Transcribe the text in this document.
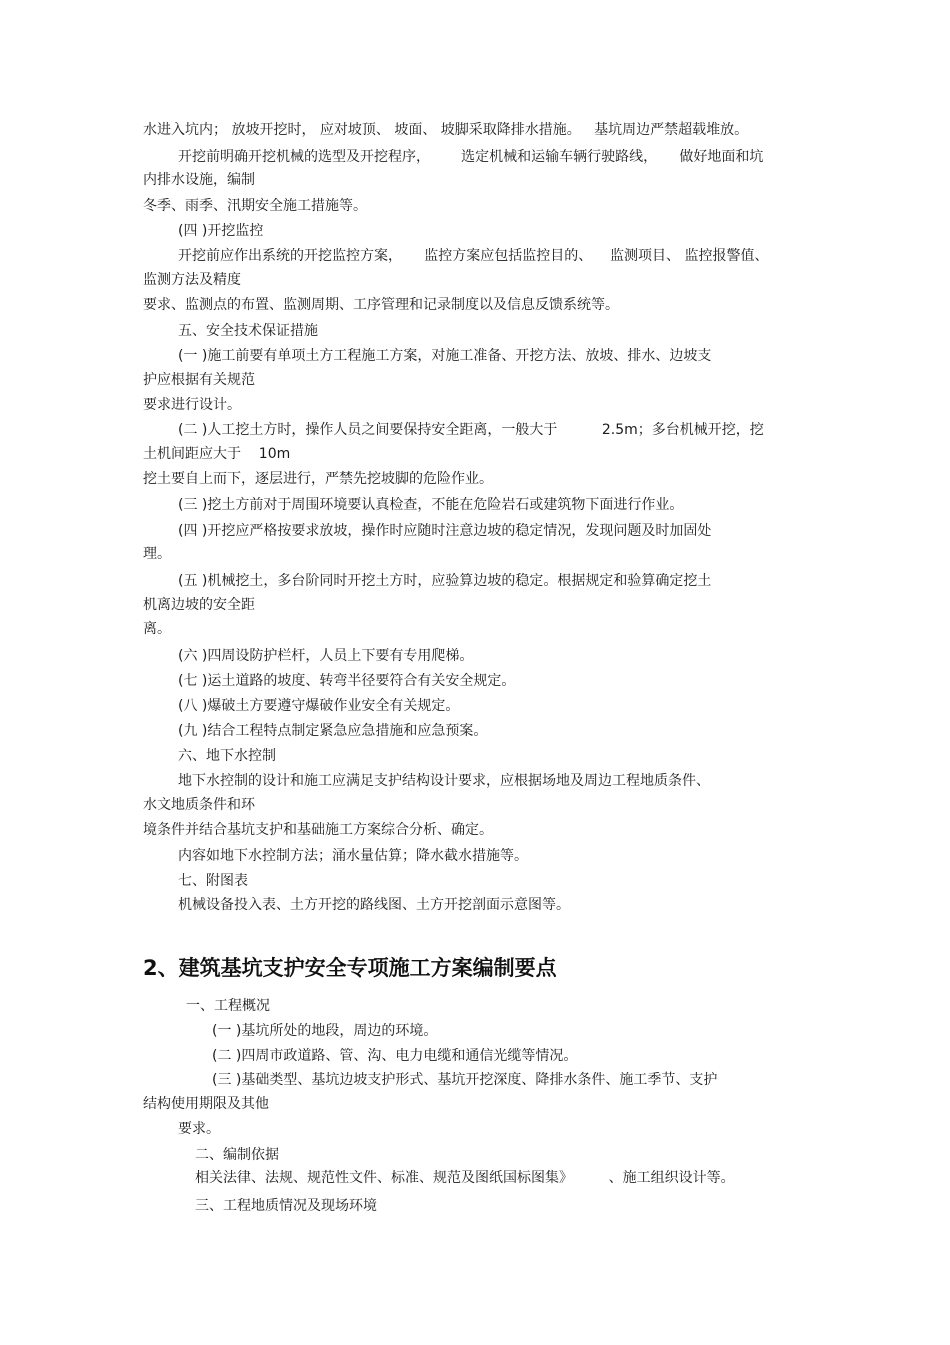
水进入坑内； 放坡开挖时， 应对坡顶、 坡面、 坡脚采取降排水措施。   基坑周边严禁超载堆放。

开挖前明确开挖机械的选型及开挖程序，       选定机械和运输车辆行驶路线，     做好地面和坑

内排水设施，编制

冬季、雨季、汛期安全施工措施等。

(四 )开挖监控

开挖前应作出系统的开挖监控方案，     监控方案应包括监控目的、    监测项目、 监控报警值、

监测方法及精度

要求、监测点的布置、监测周期、工序管理和记录制度以及信息反馈系统等。

五、安全技术保证措施

(一 )施工前要有单项土方工程施工方案，对施工准备、开挖方法、放坡、排水、边坡支

护应根据有关规范

要求进行设计。

(二 )人工挖土方时，操作人员之间要保持安全距离，一般大于          2.5m；多台机械开挖，挖

土机间距应大于    10m

挖土要自上而下，逐层进行，严禁先挖坡脚的危险作业。

(三 )挖土方前对于周围环境要认真检查，不能在危险岩石或建筑物下面进行作业。

(四 )开挖应严格按要求放坡，操作时应随时注意边坡的稳定情况，发现问题及时加固处

理。

(五 )机械挖土，多台阶同时开挖土方时，应验算边坡的稳定。根据规定和验算确定挖土

机离边坡的安全距

离。

(六 )四周设防护栏杆，人员上下要有专用爬梯。

(七 )运土道路的坡度、转弯半径要符合有关安全规定。

(八 )爆破土方要遵守爆破作业安全有关规定。

(九 )结合工程特点制定紧急应急措施和应急预案。

六、地下水控制

地下水控制的设计和施工应满足支护结构设计要求，应根据场地及周边工程地质条件、

水文地质条件和环

境条件并结合基坑支护和基础施工方案综合分析、确定。

内容如地下水控制方法；涌水量估算；降水截水措施等。

七、附图表

机械设备投入表、土方开挖的路线图、土方开挖剖面示意图等。

2、建筑基坑支护安全专项施工方案编制要点

一、工程概况

(一 )基坑所处的地段，周边的环境。

(二 )四周市政道路、管、沟、电力电缆和通信光缆等情况。

(三 )基础类型、基坑边坡支护形式、基坑开挖深度、降排水条件、施工季节、支护

结构使用期限及其他

要求。

二、编制依据

相关法律、法规、规范性文件、标准、规范及图纸国标图集》        、施工组织设计等。

三、工程地质情况及现场环境
